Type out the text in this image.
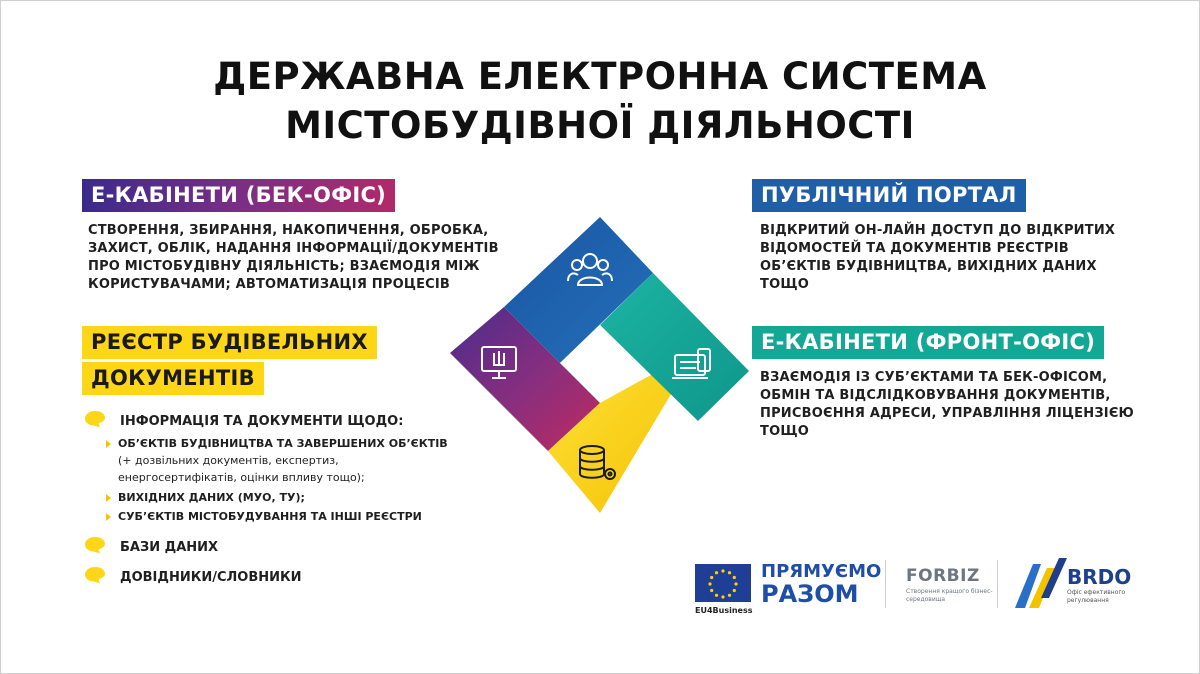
ДЕРЖАВНА ЕЛЕКТРОННА СИСТЕМА
МІСТОБУДІВНОЇ ДІЯЛЬНОСТІ
Е-КАБІНЕТИ (БЕК-ОФІС)
СТВОРЕННЯ, ЗБИРАННЯ, НАКОПИЧЕННЯ, ОБРОБКА,
ЗАХИСТ, ОБЛІК, НАДАННЯ ІНФОРМАЦІЇ/ДОКУМЕНТІВ
ПРО МІСТОБУДІВНУ ДІЯЛЬНІСТЬ; ВЗАЄМОДІЯ МІЖ
КОРИСТУВАЧАМИ; АВТОМАТИЗАЦІЯ ПРОЦЕСІВ
РЕЄСТР БУДІВЕЛЬНИХ
ДОКУМЕНТІВ
ІНФОРМАЦІЯ ТА ДОКУМЕНТИ ЩОДО:
ОБ’ЄКТІВ БУДІВНИЦТВА ТА ЗАВЕРШЕНИХ ОБ’ЄКТІВ
(+ дозвільних документів, експертиз,
енергосертифікатів, оцінки впливу тощо);
ВИХІДНИХ ДАНИХ (МУО, ТУ);
СУБ’ЄКТІВ МІСТОБУДУВАННЯ ТА ІНШІ РЕЄСТРИ
БАЗИ ДАНИХ
ДОВІДНИКИ/СЛОВНИКИ
ПУБЛІЧНИЙ ПОРТАЛ
ВІДКРИТИЙ ОН-ЛАЙН ДОСТУП ДО ВІДКРИТИХ
ВІДОМОСТЕЙ ТА ДОКУМЕНТІВ РЕЄСТРІВ
ОБ’ЄКТІВ БУДІВНИЦТВА, ВИХІДНИХ ДАНИХ
ТОЩО
Е-КАБІНЕТИ (ФРОНТ-ОФІС)
ВЗАЄМОДІЯ ІЗ СУБ’ЄКТАМИ ТА БЕК-ОФІСОМ,
ОБМІН ТА ВІДСЛІДКОВУВАННЯ ДОКУМЕНТІВ,
ПРИСВОЄННЯ АДРЕСИ, УПРАВЛІННЯ ЛІЦЕНЗІЄЮ
ТОЩО
EU4Business
ПРЯМУЄМО
РАЗОМ
FORBIZ
Створення кращого бізнес-середовища
BRDO
Офіс ефективного регулювання
